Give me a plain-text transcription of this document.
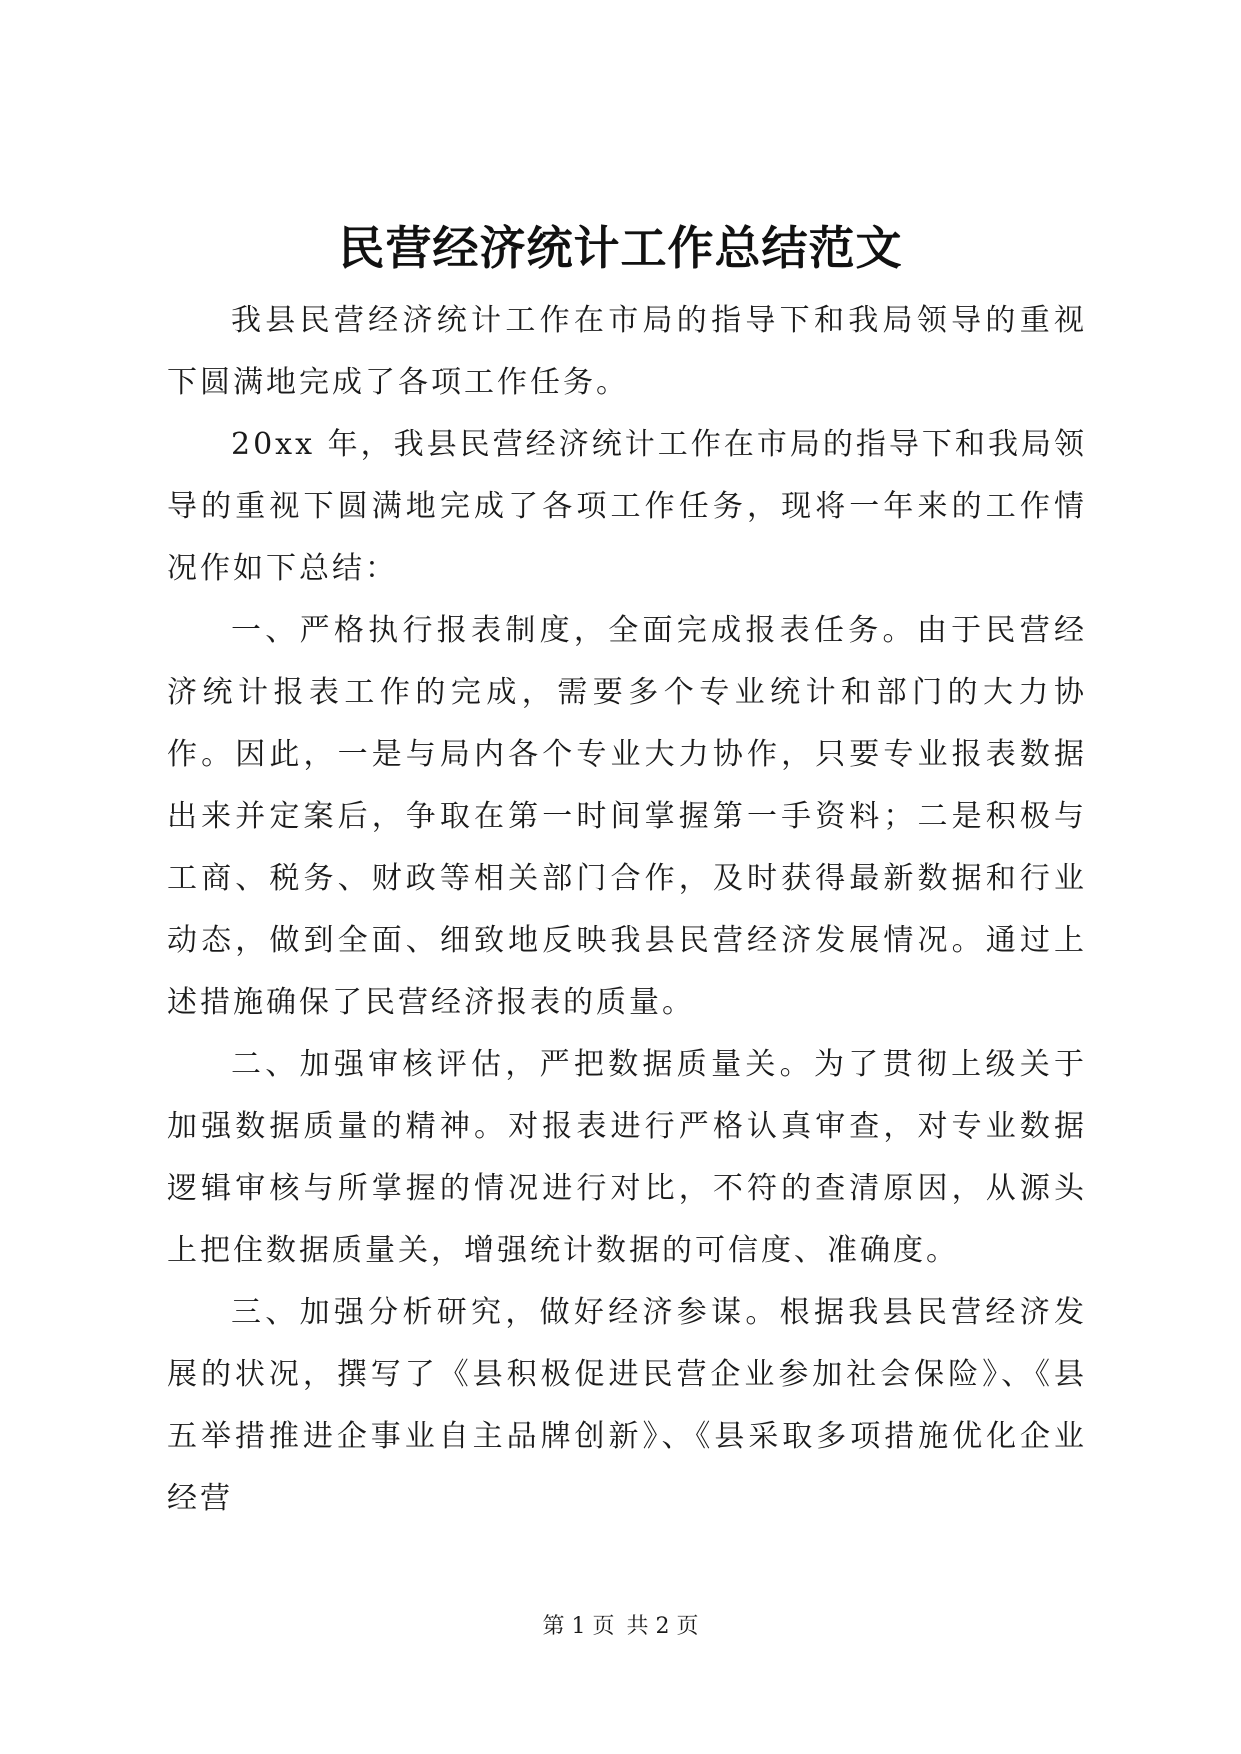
民营经济统计工作总结范文

我县民营经济统计工作在市局的指导下和我局领导的重视下圆满地完成了各项工作任务。

20xx 年，我县民营经济统计工作在市局的指导下和我局领导的重视下圆满地完成了各项工作任务，现将一年来的工作情况作如下总结：

一、严格执行报表制度，全面完成报表任务。由于民营经济统计报表工作的完成，需要多个专业统计和部门的大力协作。因此，一是与局内各个专业大力协作，只要专业报表数据出来并定案后，争取在第一时间掌握第一手资料；二是积极与工商、税务、财政等相关部门合作，及时获得最新数据和行业动态，做到全面、细致地反映我县民营经济发展情况。通过上述措施确保了民营经济报表的质量。

二、加强审核评估，严把数据质量关。为了贯彻上级关于加强数据质量的精神。对报表进行严格认真审查，对专业数据逻辑审核与所掌握的情况进行对比，不符的查清原因，从源头上把住数据质量关，增强统计数据的可信度、准确度。

三、加强分析研究，做好经济参谋。根据我县民营经济发展的状况，撰写了《县积极促进民营企业参加社会保险》、《县五举措推进企事业自主品牌创新》、《县采取多项措施优化企业经营

第 1 页 共 2 页
